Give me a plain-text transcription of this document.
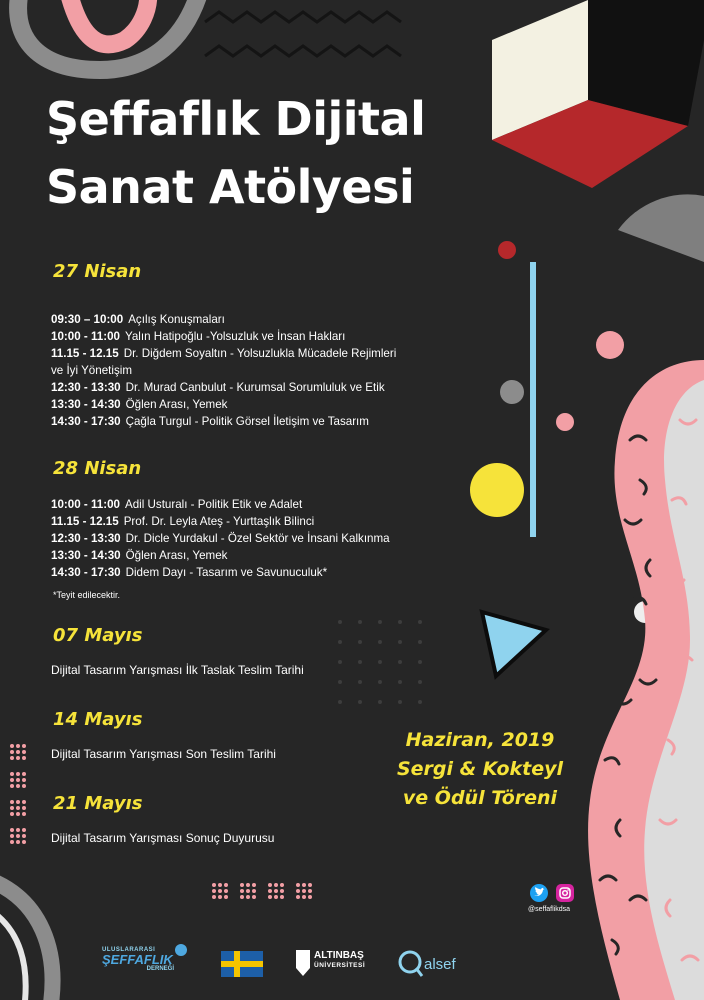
Şeffaflık Dijital
Sanat Atölyesi
27 Nisan
09:30 – 10:00 Açılış Konuşmaları
10:00 - 11:00 Yalın Hatipoğlu -Yolsuzluk ve İnsan Hakları
11.15 - 12.15 Dr. Diğdem Soyaltın - Yolsuzlukla Mücadele Rejimleri
ve İyi Yönetişim
12:30 - 13:30 Dr. Murad Canbulut - Kurumsal Sorumluluk ve Etik
13:30 - 14:30 Öğlen Arası, Yemek
14:30 - 17:30 Çağla Turgul - Politik Görsel İletişim ve Tasarım
28 Nisan
10:00 - 11:00 Adil Usturalı - Politik Etik ve Adalet
11.15 - 12.15 Prof. Dr. Leyla Ateş - Yurttaşlık Bilinci
12:30 - 13:30 Dr. Dicle Yurdakul - Özel Sektör ve İnsani Kalkınma
13:30 - 14:30 Öğlen Arası, Yemek
14:30 - 17:30 Didem Dayı - Tasarım ve Savunuculuk*
*Teyit edilecektir.
07 Mayıs
Dijital Tasarım Yarışması İlk Taslak Teslim Tarihi
14 Mayıs
Dijital Tasarım Yarışması Son Teslim Tarihi
21 Mayıs
Dijital Tasarım Yarışması Sonuç Duyurusu
Haziran, 2019
Sergi & Kokteyl
ve Ödül Töreni
@seffaflikdsa
ULUSLARARASI
ŞEFFAFLIK
DERNEĞİ
ALTINBAŞ
ÜNİVERSİTESİ	alsef
